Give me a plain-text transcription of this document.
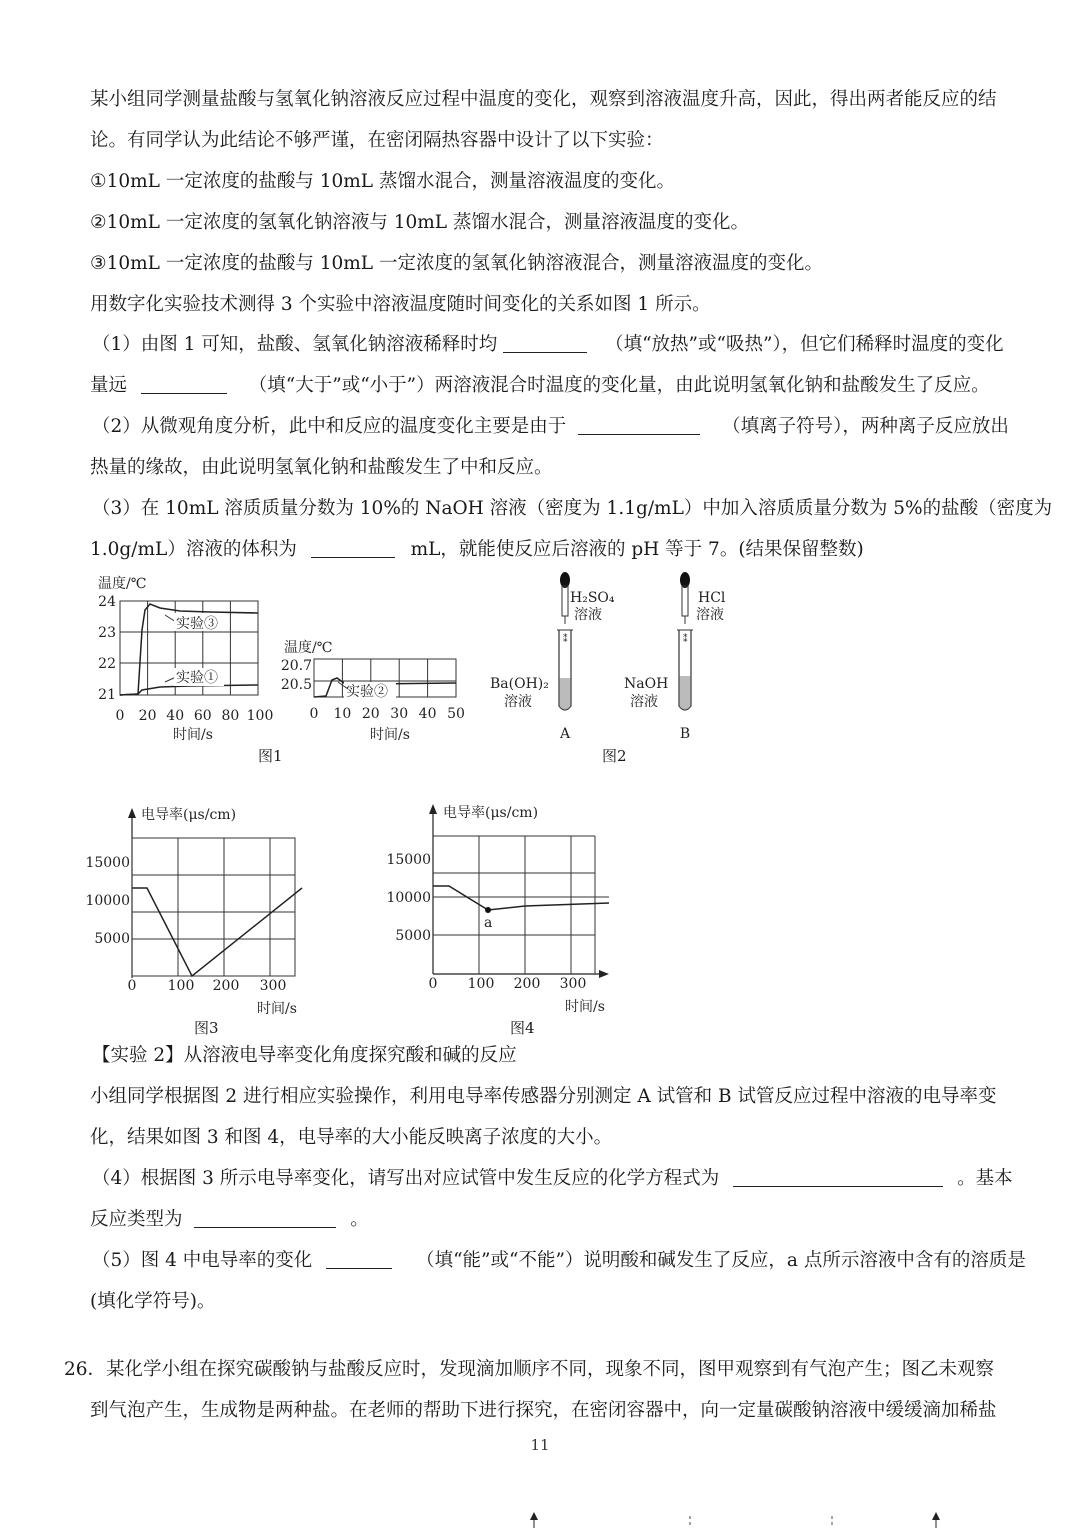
某小组同学测量盐酸与氢氧化钠溶液反应过程中温度的变化，观察到溶液温度升高，因此，得出两者能反应的结
论。有同学认为此结论不够严谨，在密闭隔热容器中设计了以下实验：
①10mL 一定浓度的盐酸与 10mL 蒸馏水混合，测量溶液温度的变化。
②10mL 一定浓度的氢氧化钠溶液与 10mL 蒸馏水混合，测量溶液温度的变化。
③10mL 一定浓度的盐酸与 10mL 一定浓度的氢氧化钠溶液混合，测量溶液温度的变化。
用数字化实验技术测得 3 个实验中溶液温度随时间变化的关系如图 1 所示。
（1）由图 1 可知，盐酸、氢氧化钠溶液稀释时均	（填“放热”或“吸热”），但它们稀释时温度的变化
量远	（填“大于”或“小于”）两溶液混合时温度的变化量，由此说明氢氧化钠和盐酸发生了反应。
（2）从微观角度分析，此中和反应的温度变化主要是由于	（填离子符号），两种离子反应放出
热量的缘故，由此说明氢氧化钠和盐酸发生了中和反应。
（3）在 10mL 溶质质量分数为 10%的 NaOH 溶液（密度为 1.1g/mL）中加入溶质质量分数为 5%的盐酸（密度为
1.0g/mL）溶液的体积为	mL，就能使反应后溶液的 pH 等于 7。(结果保留整数)
温度/℃
实验③
实验①
24
23
22
21
0 20 40 60 80 100
时间/s
温度/℃
实验②
20.7
20.5
0 10 20 30 40 50
时间/s
图1
H₂SO₄
溶液
⁑
Ba(OH)₂
溶液
A
HCl
溶液
⁑
NaOH
溶液
B
图2
电导率(μs/cm)
15000
10000
5000
0 100 200 300
时间/s
图3
电导率(μs/cm)
a
15000
10000
5000
0 100 200 300
时间/s
图4
【实验 2】从溶液电导率变化角度探究酸和碱的反应
小组同学根据图 2 进行相应实验操作，利用电导率传感器分别测定 A 试管和 B 试管反应过程中溶液的电导率变
化，结果如图 3 和图 4，电导率的大小能反映离子浓度的大小。
（4）根据图 3 所示电导率变化，请写出对应试管中发生反应的化学方程式为	。基本
反应类型为	。
（5）图 4 中电导率的变化	（填“能”或“不能”）说明酸和碱发生了反应，a 点所示溶液中含有的溶质是
(填化学符号)。
26．某化学小组在探究碳酸钠与盐酸反应时，发现滴加顺序不同，现象不同，图甲观察到有气泡产生；图乙未观察
到气泡产生，生成物是两种盐。在老师的帮助下进行探究，在密闭容器中，向一定量碳酸钠溶液中缓缓滴加稀盐
11
